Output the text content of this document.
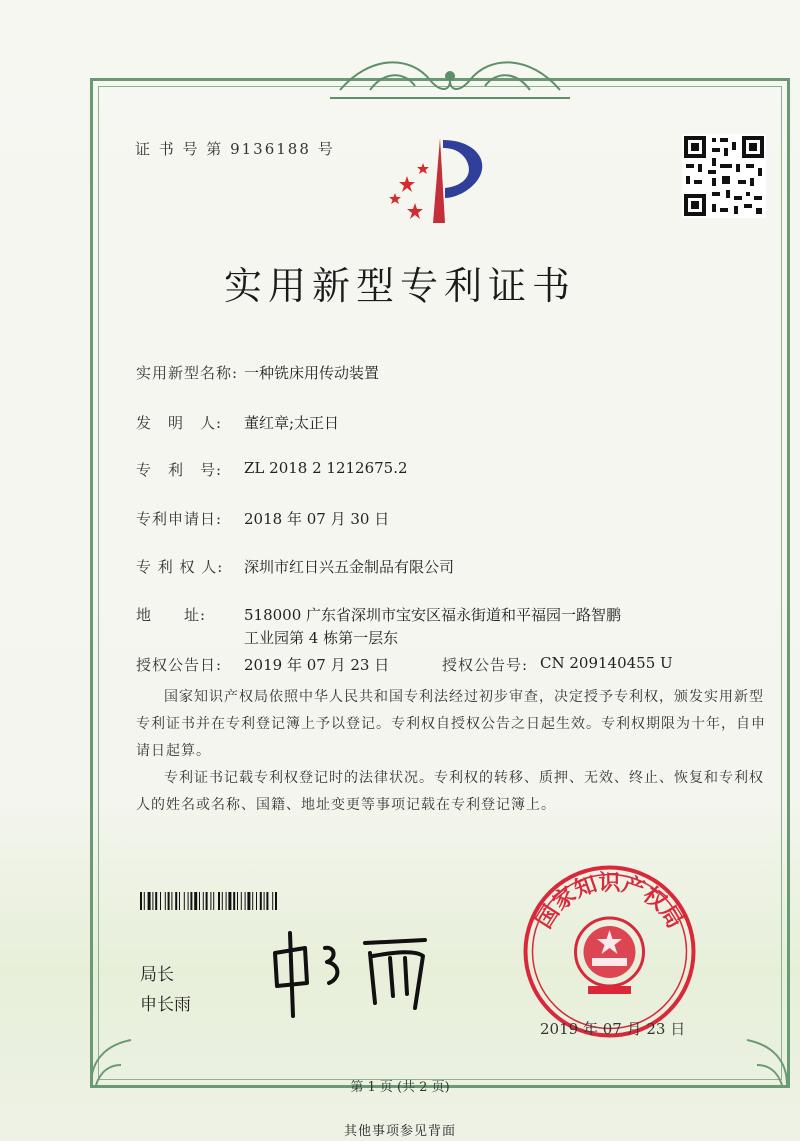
证 书 号 第 9136188 号
实用新型专利证书
实用新型名称: 一种铣床用传动装置
发　明　人: 董红章;太正日
专　利　号: ZL 2018 2 1212675.2
专利申请日: 2018 年 07 月 30 日
专 利 权 人: 深圳市红日兴五金制品有限公司
地　　址:	518000 广东省深圳市宝安区福永街道和平福园一路智鹏
工业园第 4 栋第一层东
授权公告日: 2019 年 07 月 23 日	授权公告号: CN 209140455 U
国家知识产权局依照中华人民共和国专利法经过初步审查，决定授予专利权，颁发实用新型专利证书并在专利登记簿上予以登记。专利权自授权公告之日起生效。专利权期限为十年，自申请日起算。
专利证书记载专利权登记时的法律状况。专利权的转移、质押、无效、终止、恢复和专利权人的姓名或名称、国籍、地址变更等事项记载在专利登记簿上。
局长
申长雨
国家知识产权局
2019 年 07 月 23 日
第 1 页 (共 2 页)
其他事项参见背面
